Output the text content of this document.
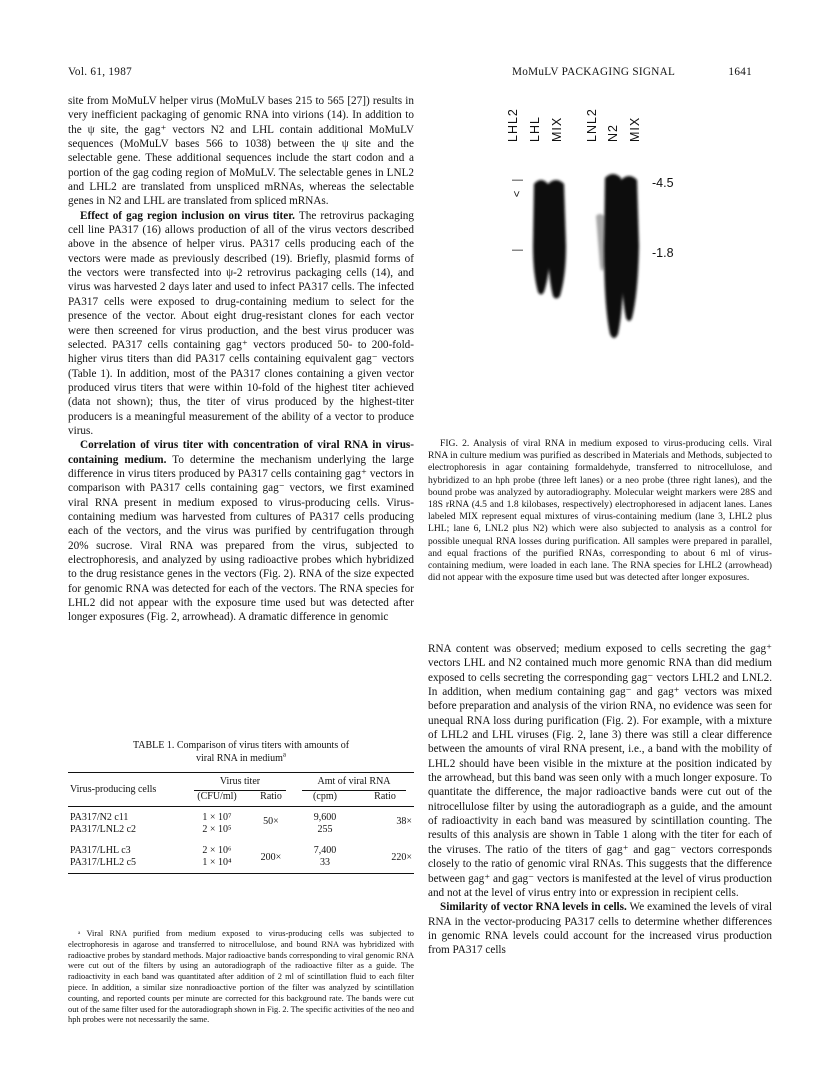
Vol. 61, 1987	MoMuLV PACKAGING SIGNAL	1641

site from MoMuLV helper virus (MoMuLV bases 215 to 565 [27]) results in very inefficient packaging of genomic RNA into virions (14). In addition to the ψ site, the gag⁺ vectors N2 and LHL contain additional MoMuLV sequences (MoMuLV bases 566 to 1038) between the ψ site and the selectable gene. These additional sequences include the start codon and a portion of the gag coding region of MoMuLV. The selectable genes in LNL2 and LHL2 are translated from unspliced mRNAs, whereas the selectable genes in N2 and LHL are translated from spliced mRNAs.

Effect of gag region inclusion on virus titer. The retrovirus packaging cell line PA317 (16) allows production of all of the virus vectors described above in the absence of helper virus. PA317 cells producing each of the vectors were made as previously described (19). Briefly, plasmid forms of the vectors were transfected into ψ-2 retrovirus packaging cells (14), and virus was harvested 2 days later and used to infect PA317 cells. The infected PA317 cells were exposed to drug-containing medium to select for the presence of the vector. About eight drug-resistant clones for each vector were then screened for virus production, and the best virus producer was selected. PA317 cells containing gag⁺ vectors produced 50- to 200-fold-higher virus titers than did PA317 cells containing equivalent gag⁻ vectors (Table 1). In addition, most of the PA317 clones containing a given vector produced virus titers that were within 10-fold of the highest titer achieved (data not shown); thus, the titer of virus produced by the highest-titer producers is a meaningful measurement of the ability of a vector to produce virus.

Correlation of virus titer with concentration of viral RNA in virus-containing medium. To determine the mechanism underlying the large difference in virus titers produced by PA317 cells containing gag⁺ vectors in comparison with PA317 cells containing gag⁻ vectors, we first examined viral RNA present in medium exposed to virus-producing cells. Virus-containing medium was harvested from cultures of PA317 cells producing each of the vectors, and the virus was purified by centrifugation through 20% sucrose. Viral RNA was prepared from the virus, subjected to electrophoresis, and analyzed by using radioactive probes which hybridized to the drug resistance genes in the vectors (Fig. 2). RNA of the size expected for genomic RNA was detected for each of the vectors. The RNA species for LHL2 did not appear with the exposure time used but was detected after longer exposures (Fig. 2, arrowhead). A dramatic difference in genomic

LHL2 LHL MIX LNL2 N2 MIX
—
>
—
-4.5
-1.8

FIG. 2. Analysis of viral RNA in medium exposed to virus-producing cells. Viral RNA in culture medium was purified as described in Materials and Methods, subjected to electrophoresis in agar containing formaldehyde, transferred to nitrocellulose, and hybridized to an hph probe (three left lanes) or a neo probe (three right lanes), and the bound probe was analyzed by autoradiography. Molecular weight markers were 28S and 18S rRNA (4.5 and 1.8 kilobases, respectively) electrophoresed in adjacent lanes. Lanes labeled MIX represent equal mixtures of virus-containing medium (lane 3, LHL2 plus LHL; lane 6, LNL2 plus N2) which were also subjected to analysis as a control for possible unequal RNA losses during purification. All samples were prepared in parallel, and equal fractions of the purified RNAs, corresponding to about 6 ml of virus-containing medium, were loaded in each lane. The RNA species for LHL2 (arrowhead) did not appear with the exposure time used but was detected after longer exposures.

RNA content was observed; medium exposed to cells secreting the gag⁺ vectors LHL and N2 contained much more genomic RNA than did medium exposed to cells secreting the corresponding gag⁻ vectors LHL2 and LNL2. In addition, when medium containing gag⁻ and gag⁺ vectors was mixed before preparation and analysis of the virion RNA, no evidence was seen for unequal RNA loss during purification (Fig. 2). For example, with a mixture of LHL2 and LHL viruses (Fig. 2, lane 3) there was still a clear difference between the amounts of viral RNA present, i.e., a band with the mobility of LHL2 should have been visible in the mixture at the position indicated by the arrowhead, but this band was seen only with a much longer exposure. To quantitate the difference, the major radioactive bands were cut out of the nitrocellulose filter by using the autoradiograph as a guide, and the amount of radioactivity in each band was measured by scintillation counting. The results of this analysis are shown in Table 1 along with the titer for each of the viruses. The ratio of the titers of gag⁺ and gag⁻ vectors corresponds closely to the ratio of genomic viral RNAs. This suggests that the difference between gag⁺ and gag⁻ vectors is manifested at the level of virus production and not at the level of virus entry into or expression in recipient cells.

Similarity of vector RNA levels in cells. We examined the levels of viral RNA in the vector-producing PA317 cells to determine whether differences in genomic RNA levels could account for the increased virus production from PA317 cells

TABLE 1. Comparison of virus titers with amounts of
viral RNA in medium$^a$
Virus-producing cells	Virus titer		Amt of viral RNA	

	(CFU/ml)	Ratio	(cpm)	Ratio
PA317/N2 c11	1 × 10⁷	50×	9,600	38×
PA317/LNL2 c2	2 × 10⁵		255	
PA317/LHL c3	2 × 10⁶	200×	7,400	220×
PA317/LHL2 c5	1 × 10⁴		33	

ᵃ Viral RNA purified from medium exposed to virus-producing cells was subjected to electrophoresis in agarose and transferred to nitrocellulose, and bound RNA was hybridized with radioactive probes by standard methods. Major radioactive bands corresponding to viral genomic RNA were cut out of the filters by using an autoradiograph of the radioactive filter as a guide. The radioactivity in each band was quantitated after addition of 2 ml of scintillation fluid to each filter piece. In addition, a similar size nonradioactive portion of the filter was analyzed by scintillation counting, and reported counts per minute are corrected for this background rate. The bands were cut out of the same filter used for the autoradiograph shown in Fig. 2. The specific activities of the neo and hph probes were not necessarily the same.
